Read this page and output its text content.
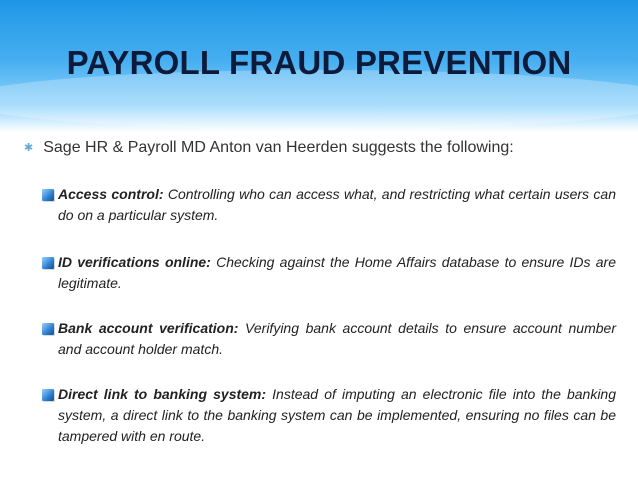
PAYROLL FRAUD PREVENTION
✱ Sage HR & Payroll MD Anton van Heerden suggests the following:
Access control: Controlling who can access what, and restricting what certain users can do on a particular system.
ID verifications online: Checking against the Home Affairs database to ensure IDs are legitimate.
Bank account verification: Verifying bank account details to ensure account number and account holder match.
Direct link to banking system: Instead of imputing an electronic file into the banking system, a direct link to the banking system can be implemented, ensuring no files can be tampered with en route.
